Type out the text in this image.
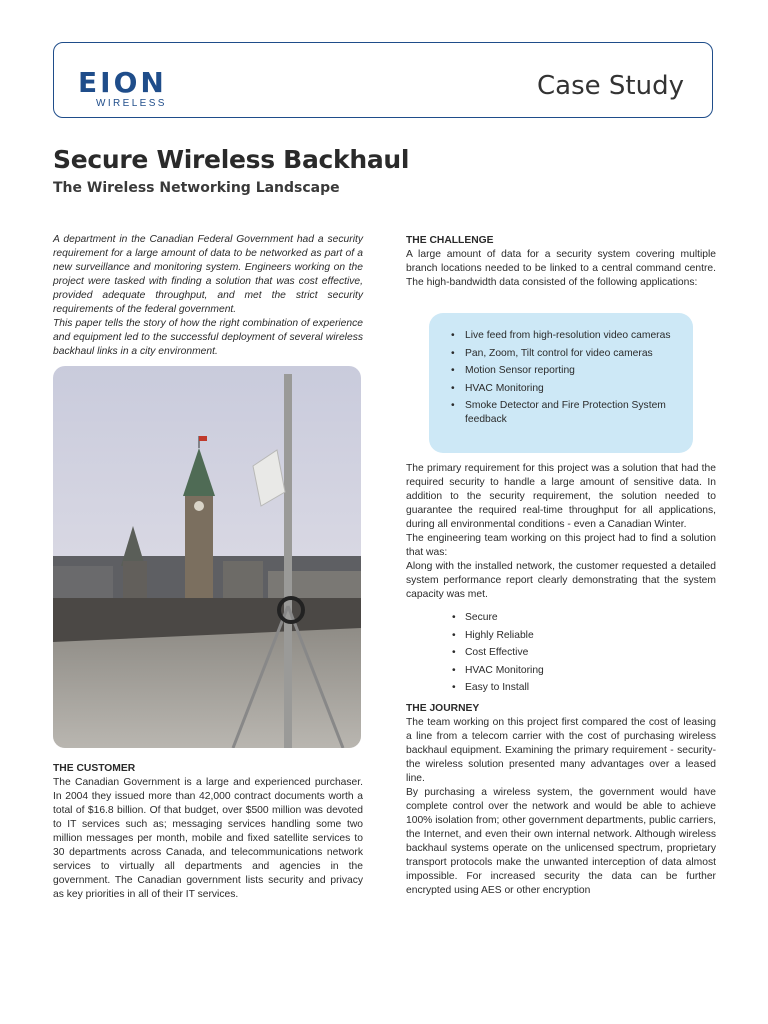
E I O N
WIRELESS
Case Study
Secure Wireless Backhaul
The Wireless Networking Landscape

A department in the Canadian Federal Government had a security requirement for a large amount of data to be networked as part of a new surveillance and monitoring system. Engineers working on the project were tasked with finding a solution that was cost effective, provided adequate throughput, and met the strict security requirements of the federal government.

This paper tells the story of how the right combination of experience and equipment led to the successful deployment of several wireless backhaul links in a city environment.

THE CUSTOMER

The Canadian Government is a large and experienced purchaser. In 2004 they issued more than 42,000 contract documents worth a total of $16.8 billion. Of that budget, over $500 million was devoted to IT services such as; messaging services handling some two million messages per month, mobile and fixed satellite services to 30 departments across Canada, and telecommunications network services to virtually all departments and agencies in the government. The Canadian government lists security and privacy as key priorities in all of their IT services.

THE CHALLENGE

A large amount of data for a security system covering multiple branch locations needed to be linked to a central command centre. The high-bandwidth data consisted of the following applications:

• Live feed from high-resolution video cameras
• Pan, Zoom, Tilt control for video cameras
• Motion Sensor reporting
• HVAC Monitoring
• Smoke Detector and Fire Protection System feedback

The primary requirement for this project was a solution that had the required security to handle a large amount of sensitive data. In addition to the security requirement, the solution needed to guarantee the required real-time throughput for all applications, during all environmental conditions - even a Canadian Winter.

The engineering team working on this project had to find a solution that was:

Along with the installed network, the customer requested a detailed system performance report clearly demonstrating that the system capacity was met.

• Secure
• Highly Reliable
• Cost Effective
• HVAC Monitoring
• Easy to Install
THE JOURNEY

The team working on this project first compared the cost of leasing a line from a telecom carrier with the cost of purchasing wireless backhaul equipment. Examining the primary requirement - security- the wireless solution presented many advantages over a leased line.

By purchasing a wireless system, the government would have complete control over the network and would be able to achieve 100% isolation from; other government departments, public carriers, the Internet, and even their own internal network. Although wireless backhaul systems operate on the unlicensed spectrum, proprietary transport protocols make the unwanted interception of data almost impossible. For increased security the data can be further encrypted using AES or other encryption
